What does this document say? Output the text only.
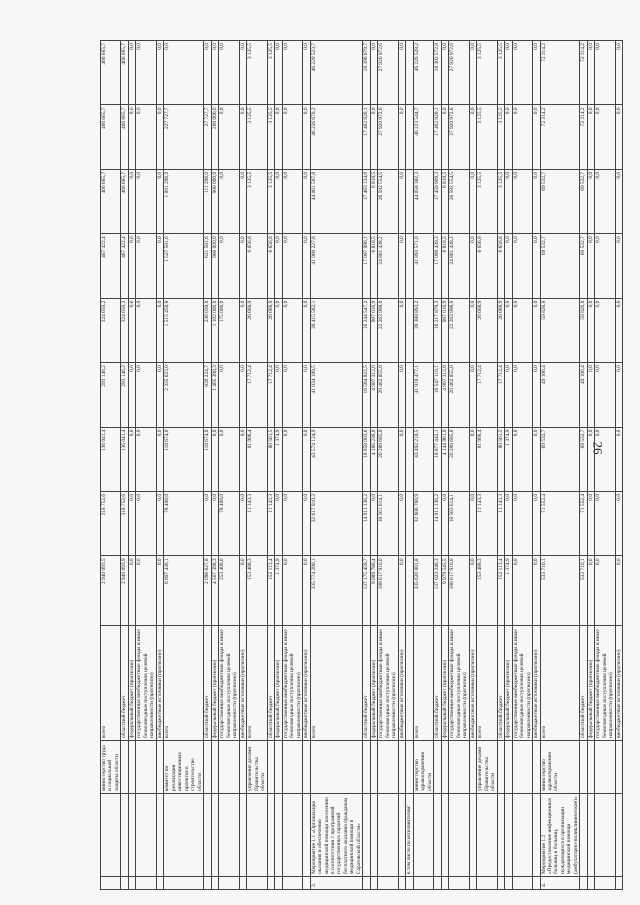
26
		министерство труда и социальной защиты области	всего	2 940 093,5	318 752,6	136 041,4	293 146,2	324 650,2	467 422,4	466 665,7	466 665,7	466 665,7
			областной бюджет	2 940 093,9	318 752,6	136 041,4	293 146,2	324 650,2	467 422,4	466 665,7	466 665,7	466 665,7
			федеральный бюджет (прогнозно)	0,0	0,0	0,0	0,0	0,0	0,0	0,0	0,0	0,0
			государственные внебюджетные фонды и иные безвозмездные поступления целевой направленности (прогнозно)	0,0	0,0	0,0	0,0	0,0	0,0	0,0	0,0	0,0
			внебюджетные источники (прогнозно)	0,0	0,0	0,0	0,0	0,0	0,0	0,0	0,0	0,0
		комитет по реализации инвестиционных проектов в строительстве области	всего	6 897 436,1	78 408,0	118 674,0	2 335 623,0	1 515 458,8	1 527 581,6	1 091 296,0	227 727,7	0,0
			областной бюджет	2 096 627,8	0,0	118 674,0	930 224,7	236 038,8	621 581,6	111 296,0	27 727,7	0,0
			федеральный бюджет (прогнозно)	4 507 398,3	0,0	0,0	1 405 398,3	1 102 000,0	900 000,0	900 000,0	200 000,0	0,0
			государственные внебюджетные фонды и иные безвозмездные поступления целевой направленности (прогнозно)	253 408,0	78 408,0	0,0	0,0	175 000,0	0,0	0,0	0,0	0,0
			внебюджетные источники (прогнозно)	0,0	0,0	0,0	0,0	0,0	0,0	0,0	0,0	0,0
		управление делами Правительства области	всего	153 488,3	11 143,3	81 906,4	17 712,4	26 668,9	6 656,8	3 125,5	3 125,5	3 125,5
			областной бюджет	152 113,4	11 143,3	80 561,5	17 712,4	26 668,9	6 656,8	3 125,5	3 125,5	3 125,5
			федеральный бюджет (прогнозно)	1 374,9	0,0	1 374,9	0,0	0,0	0,0	0,0	0,0	0,0
			государственные внебюджетные фонды и иные безвозмездные поступления целевой направленности (прогнозно)	0,0	0,0	0,0	0,0	0,0	0,0	0,0	0,0	0,0
			внебюджетные источники (прогнозно)	0,0	0,0	0,0	0,0	0,0	0,0	0,0	0,0	0,0
3.	Мероприятие 1.1 «Организация оказания и обеспечения медицинской помощи населению в соответствии с программой государственных гарантий бесплатного оказания гражданам медицинской помощи в Саратовской области»		всего	335 774 290,1	32 617 910,2	43 574 124,9	41 934 189,5	39 415 562,1	41 900 227,8	44 061 507,8	46 226 670,2	46 229 523,7
			областной бюджет	137 175 459,7	14 911 136,2	18 958 003,6	16 564 822,5	16 244 547,2	17 097 096,1	17 463 134,6	17 462 920,1	18 396 679,7
			федеральный бюджет (прогнозно)	9 989 780,4	0,0	4 166 236,0	4 907 312,0	907 016,9	6 818,5	6 818,5	0,0	0,0
			государственные внебюджетные фонды и иные безвозмездные поступления целевой направленности (прогнозно)	188 617 910,0	18 561 614,1	20 289 685,0	20 462 855,0	22 263 998,0	24 801 438,2	26 592 554,5	27 920 972,6	27 920 972,6
			внебюджетные источники (прогнозно)	0,0	0,0	0,0	0,0	0,0	0,0	0,0	0,0	0,0
	в том числе по исполнителям:											
		министерство здравоохранения области	всего	335 620 801,8	32 606 766,9	43 492 218,5	41 916 477,1	39 388 893,2	41 893 571,0	44 058 382,3	46 223 544,7	46 226 528,2
			областной бюджет	137 023 346,3	14 911 136,2	18 877 442,1	16 547 110,1	16 217 878,3	17 090 439,3	17 459 909,3	17 462 920,1	18 302 572,8
			федеральный бюджет (прогнозно)	9 979 545,5	0,0	4 144 861,0	4 907 312,0	907 016,9	6 818,5	6 818,5	0,0	0,0
			государственные внебюджетные фонды и иные безвозмездные поступления целевой направленности (прогнозно)	188 617 910,0	18 563 614,1	20 289 685,0	20 462 855,0	22 263 998,0	24 801 438,2	26 592 554,5	27 920 972,6	27 920 972,6
			внебюджетные источники (прогнозно)	0,0	0,0	0,0	0,0	0,0	0,0	0,0	0,0	0,0
		управление делами Правительства области	всего	153 488,3	11 143,3	81 906,4	17 712,4	26 668,9	6 656,8	3 125,5	3 125,5	3 125,5
			областной бюджет	152 113,4	11 143,3	80 561,5	17 712,4	26 668,9	6 656,8	3 125,5	3 125,5	3 125,5
			федеральный бюджет (прогнозно)	1 374,9	0,0	1 374,9	0,0	0,0	0,0	0,0	0,0	0,0
			государственные внебюджетные фонды и иные безвозмездные поступления целевой направленности (прогнозно)	0,0	0,0	0,0	0,0	0,0	0,0	0,0	0,0	0,0
			внебюджетные источники (прогнозно)	0,0	0,0	0,0	0,0	0,0	0,0	0,0	0,0	0,0
4.	Мероприятие 1.2 «Предоставление инфекционных больниц и больниц, нуждающихся в организации медицинской помощи (амбулаторно-поликлинические)»	министерство здравоохранения области	всего	533 710,1	71 552,4	69 532,7	49 106,4	59 826,8	69 532,7	69 532,7	72 314,2	72 314,2
			областной бюджет	533 710,1	71 552,4	69 532,7	49 106,4	59 826,8	69 532,7	69 532,7	72 314,2	72 314,2
			федеральный бюджет (прогнозно)	0,0	0,0	0,0	0,0	0,0	0,0	0,0	0,0	0,0
			государственные внебюджетные фонды и иные безвозмездные поступления целевой направленности (прогнозно)	0,0	0,0	0,0	0,0	0,0	0,0	0,0	0,0	0,0
			внебюджетные источники (прогнозно)	0,0	0,0	0,0	0,0	0,0	0,0	0,0	0,0	0,0
